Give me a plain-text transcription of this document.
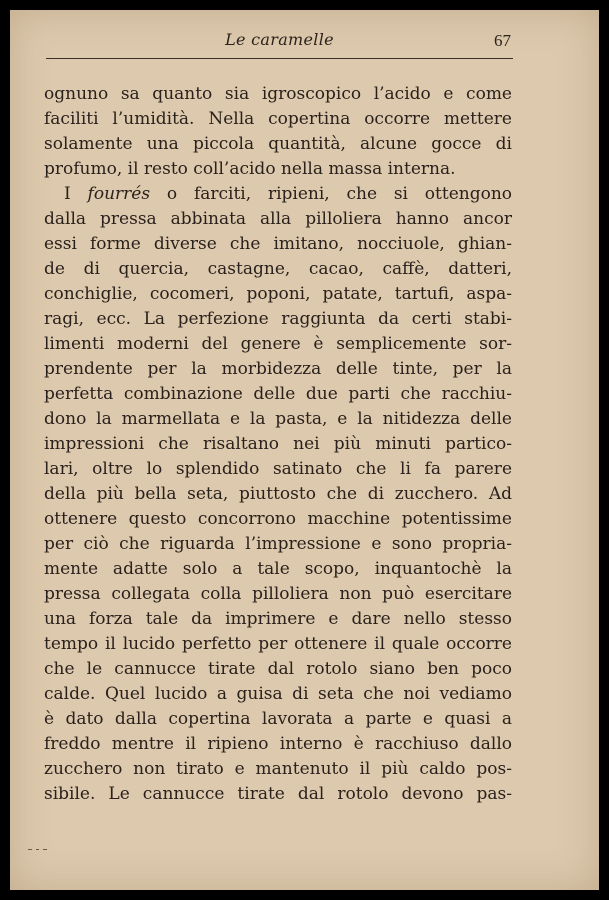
Le caramelle	67
ognuno sa quanto sia igroscopico l’acido e come
faciliti l’umidità. Nella copertina occorre mettere
solamente una piccola quantità, alcune gocce di
profumo, il resto coll’acido nella massa interna.
I fourrés o farciti, ripieni, che si ottengono
dalla pressa abbinata alla pilloliera hanno ancor
essi forme diverse che imitano, nocciuole, ghian-
de di quercia, castagne, cacao, caffè, datteri,
conchiglie, cocomeri, poponi, patate, tartufi, aspa-
ragi, ecc. La perfezione raggiunta da certi stabi-
limenti moderni del genere è semplicemente sor-
prendente per la morbidezza delle tinte, per la
perfetta combinazione delle due parti che racchiu-
dono la marmellata e la pasta, e la nitidezza delle
impressioni che risaltano nei più minuti partico-
lari, oltre lo splendido satinato che li fa parere
della più bella seta, piuttosto che di zucchero. Ad
ottenere questo concorrono macchine potentissime
per ciò che riguarda l’impressione e sono propria-
mente adatte solo a tale scopo, inquantochè la
pressa collegata colla pilloliera non può esercitare
una forza tale da imprimere e dare nello stesso
tempo il lucido perfetto per ottenere il quale occorre
che le cannucce tirate dal rotolo siano ben poco
calde. Quel lucido a guisa di seta che noi vediamo
è dato dalla copertina lavorata a parte e quasi a
freddo mentre il ripieno interno è racchiuso dallo
zucchero non tirato e mantenuto il più caldo pos-
sibile. Le cannucce tirate dal rotolo devono pas-
